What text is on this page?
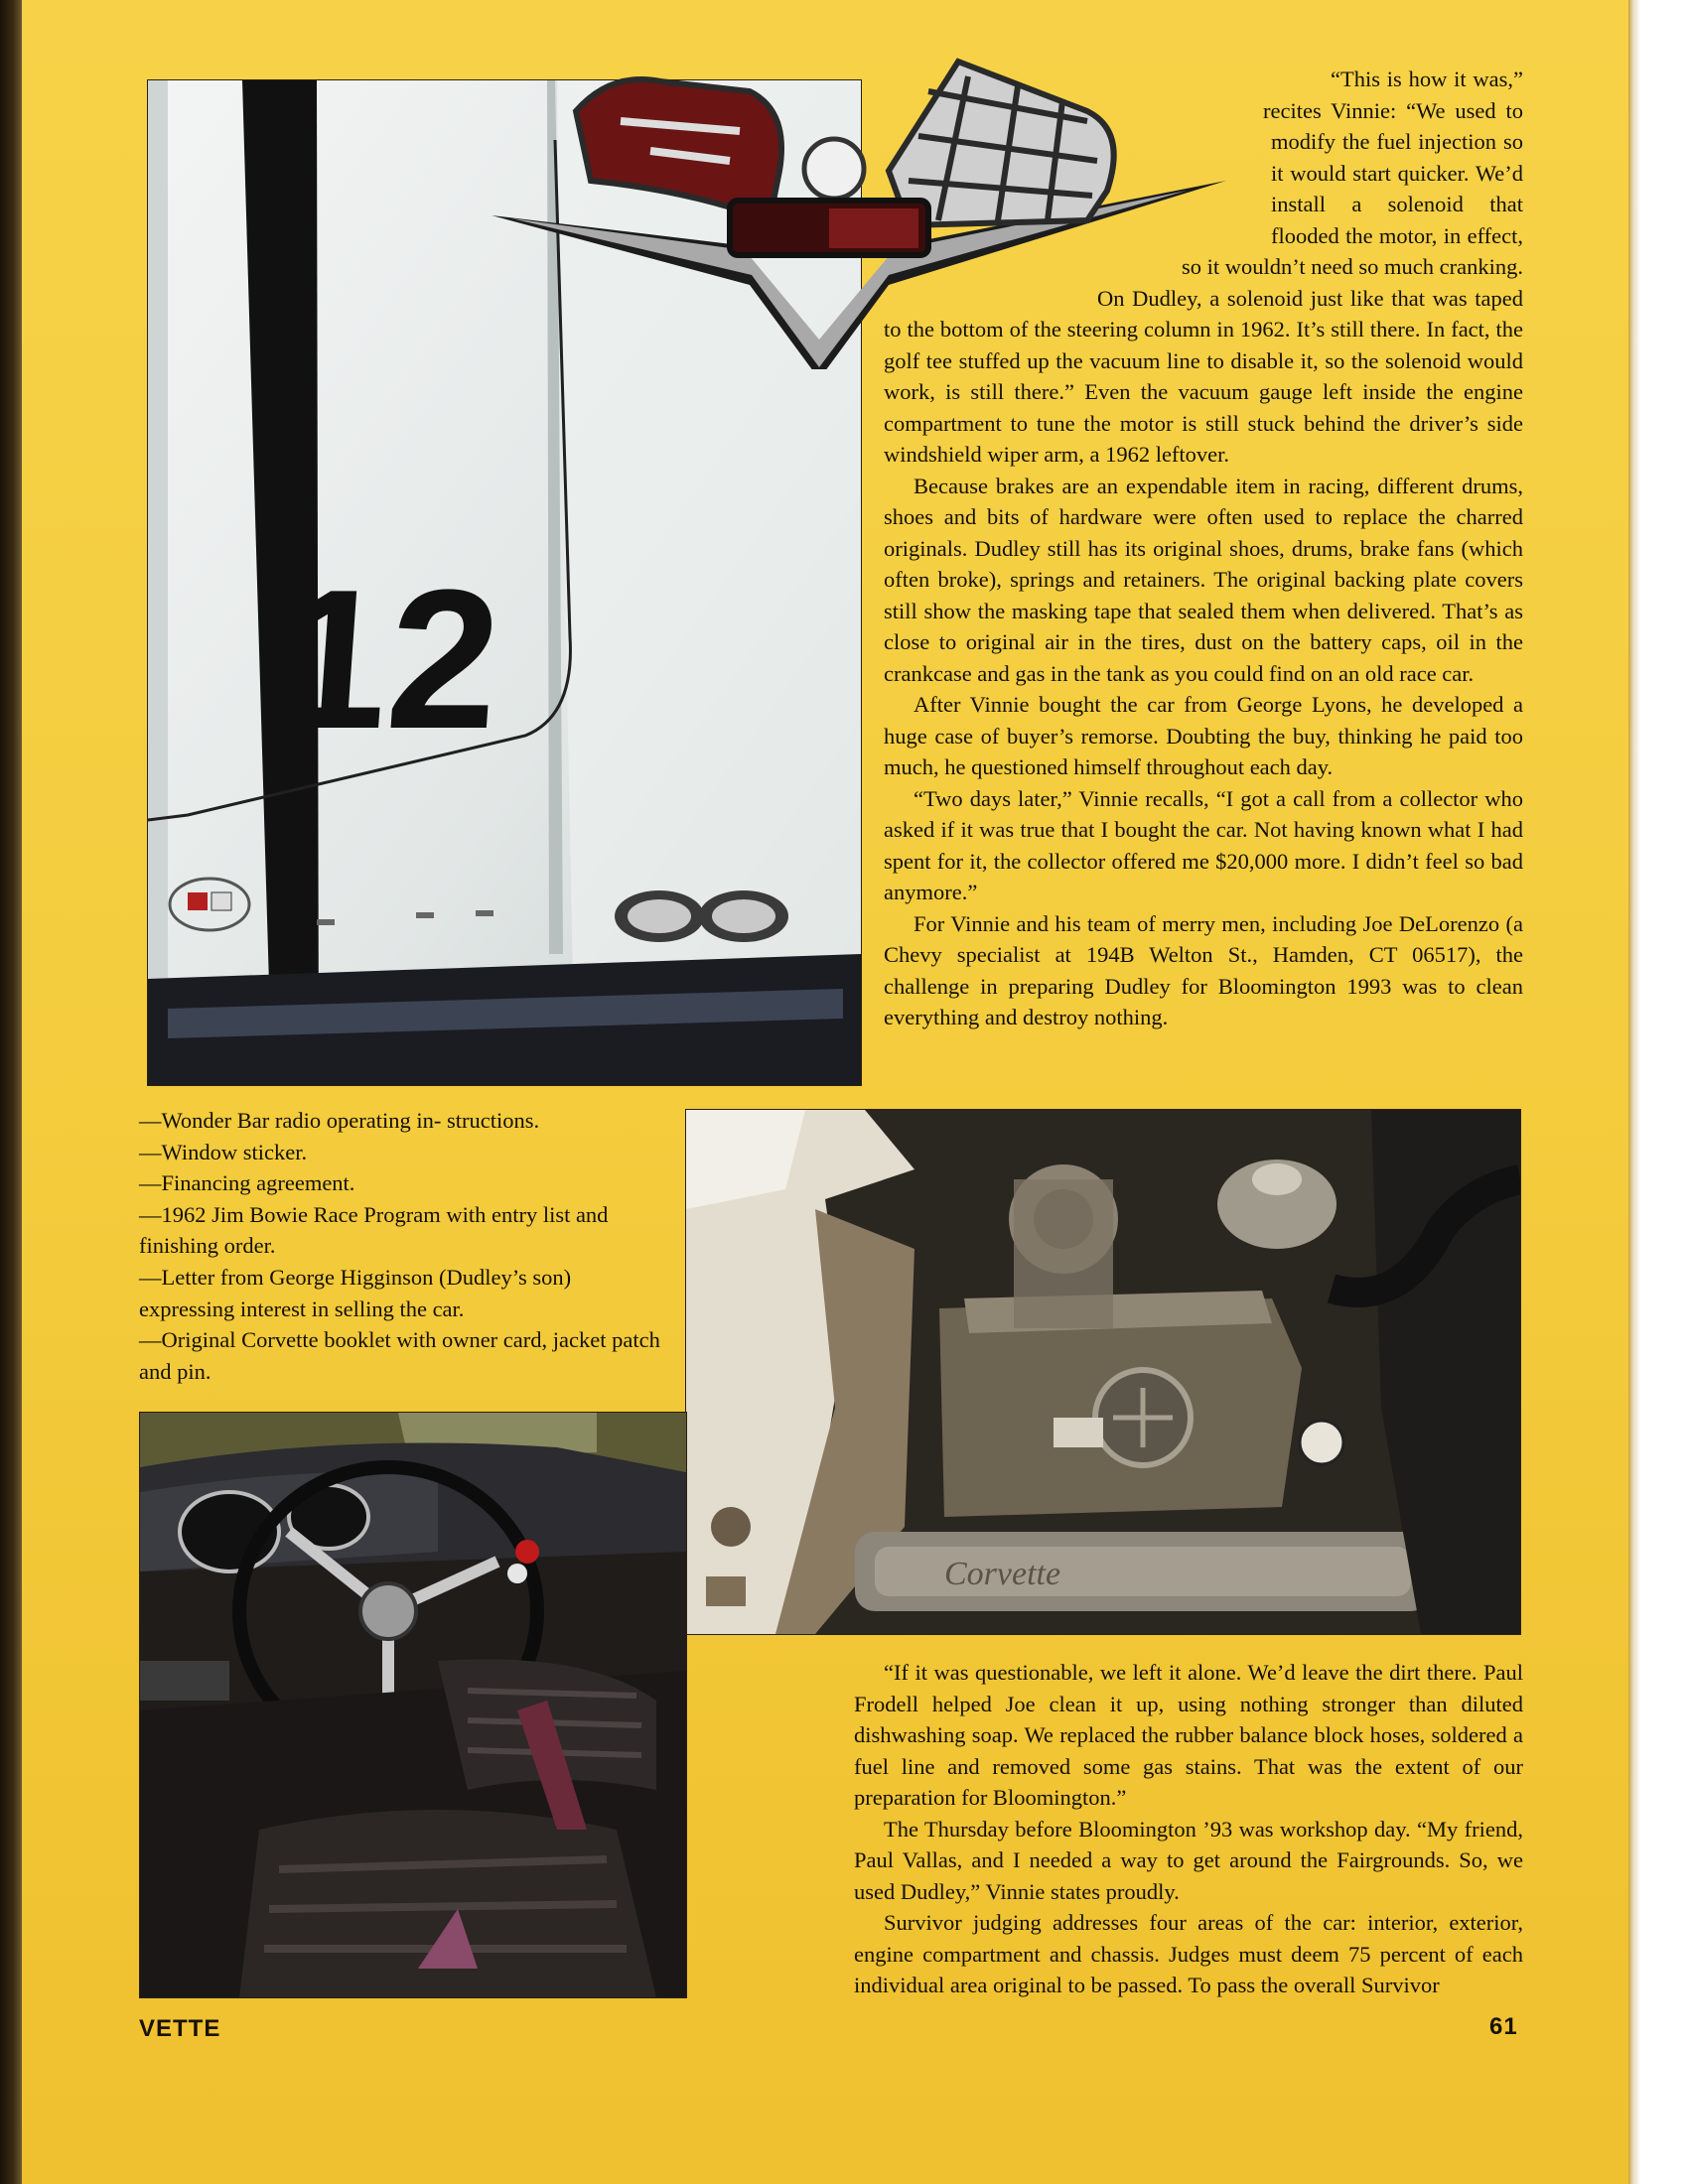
12

“This is how it was,” recites Vinnie: “We used to modify the fuel injection so it would start quicker. We’d install a solenoid that flooded the motor, in effect, so it wouldn’t need so much cranking. On Dudley, a solenoid just like that was taped to the bottom of the steering column in 1962. It’s still there. In fact, the golf tee stuffed up the vacuum line to disable it, so the solenoid would work, is still there.” Even the vacuum gauge left inside the engine compartment to tune the motor is still stuck behind the driver’s side windshield wiper arm, a 1962 leftover.

Because brakes are an expendable item in racing, different drums, shoes and bits of hardware were often used to replace the charred originals. Dudley still has its original shoes, drums, brake fans (which often broke), springs and retainers. The original backing plate covers still show the masking tape that sealed them when delivered. That’s as close to original air in the tires, dust on the battery caps, oil in the crankcase and gas in the tank as you could find on an old race car.

After Vinnie bought the car from George Lyons, he developed a huge case of buyer’s remorse. Doubting the buy, thinking he paid too much, he questioned himself throughout each day.

“Two days later,” Vinnie recalls, “I got a call from a collector who asked if it was true that I bought the car. Not having known what I had spent for it, the collector offered me $20,000 more. I didn’t feel so bad anymore.”

For Vinnie and his team of merry men, including Joe DeLorenzo (a Chevy specialist at 194B Welton St., Hamden, CT 06517), the challenge in preparing Dudley for Bloomington 1993 was to clean everything and destroy nothing.

—Wonder Bar radio operating in- structions.
—Window sticker.
—Financing agreement.
—1962 Jim Bowie Race Program with entry list and finishing order.
—Letter from George Higginson (Dudley’s son) expressing interest in selling the car.
—Original Corvette booklet with owner card, jacket patch and pin.
Corvette

“If it was questionable, we left it alone. We’d leave the dirt there. Paul Frodell helped Joe clean it up, using nothing stronger than diluted dishwashing soap. We replaced the rubber balance block hoses, soldered a fuel line and removed some gas stains. That was the extent of our preparation for Bloomington.”

The Thursday before Bloomington ’93 was workshop day. “My friend, Paul Vallas, and I needed a way to get around the Fairgrounds. So, we used Dudley,” Vinnie states proudly.

Survivor judging addresses four areas of the car: interior, exterior, engine compartment and chassis. Judges must deem 75 percent of each individual area original to be passed. To pass the overall Survivor

VETTE	61
